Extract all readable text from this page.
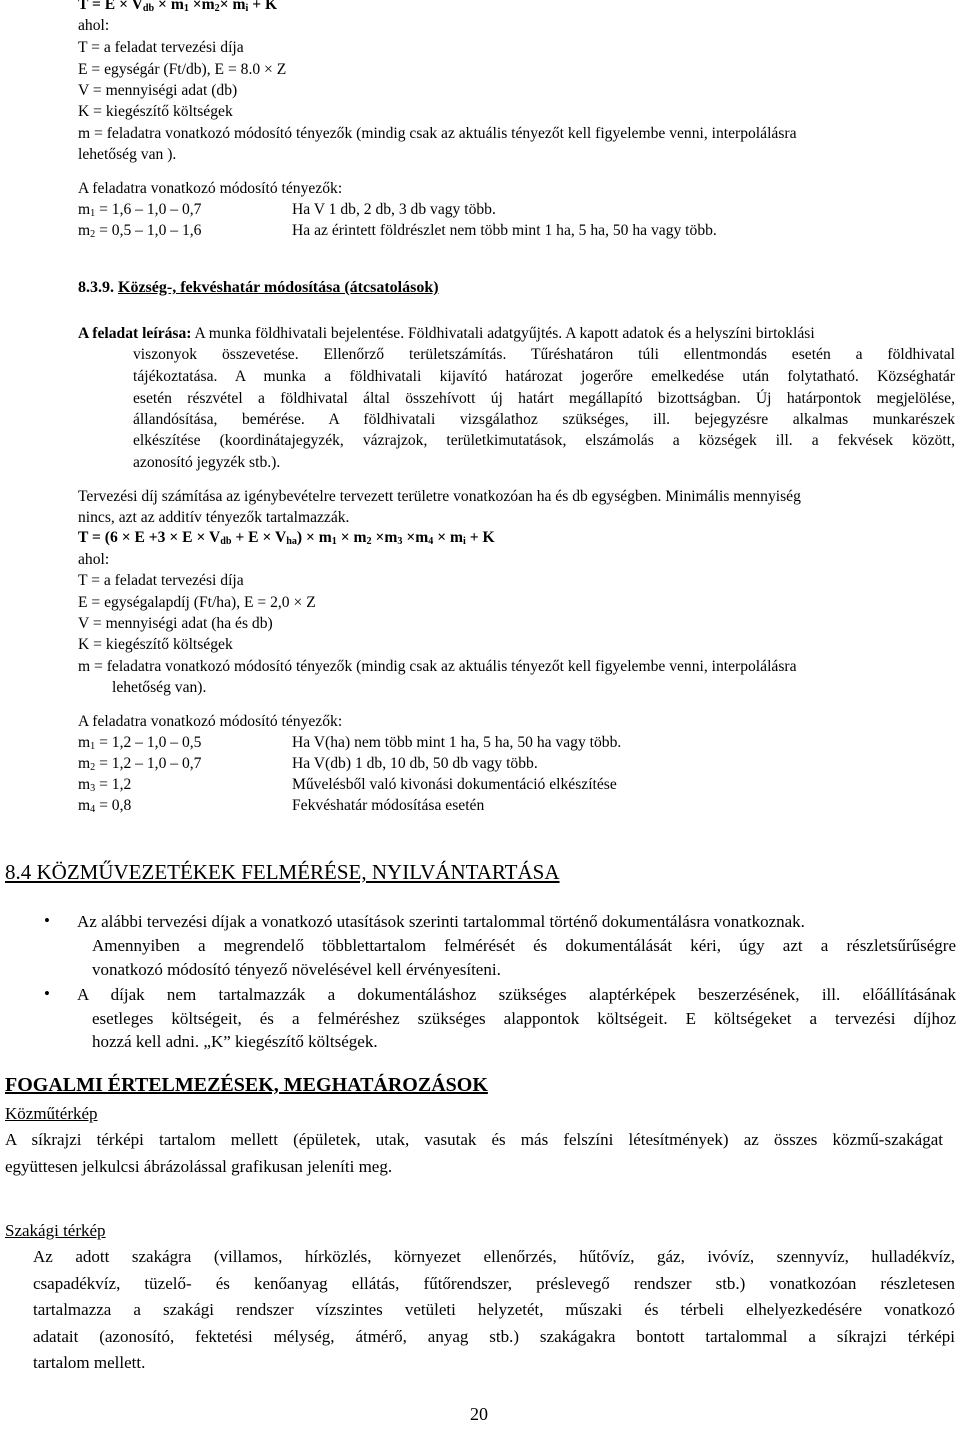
$T = E \times V_{db} \times m_1 \times m_2\times m_i + K$
ahol:
T = a feladat tervezési díja
E = egységár (Ft/db), E = 8.0 × Z
V = mennyiségi adat (db)
K = kiegészítő költségek
m = feladatra vonatkozó módosító tényezők (mindig csak az aktuális tényezőt kell figyelembe venni, interpolálásra
lehetőség van ).
A feladatra vonatkozó módosító tényezők:
$m_1 = 1,6 - 1,0 - 0,7$	Ha V 1 db, 2 db, 3 db vagy több.
$m_2 = 0,5 - 1,0 - 1,6$	Ha az érintett földrészlet nem több mint 1 ha, 5 ha, 50 ha vagy több.
8.3.9. Község-, fekvéshatár módosítása (átcsatolások)
A feladat leírása: A munka földhivatali bejelentése. Földhivatali adatgyűjtés. A kapott adatok és a helyszíni birtoklási
viszonyok összevetése. Ellenőrző területszámítás. Tűréshatáron túli ellentmondás esetén a földhivatal
tájékoztatása. A munka a földhivatali kijavító határozat jogerőre emelkedése után folytatható. Községhatár
esetén részvétel a földhivatal által összehívott új határt megállapító bizottságban. Új határpontok megjelölése,
állandósítása, bemérése. A földhivatali vizsgálathoz szükséges, ill. bejegyzésre alkalmas munkarészek
elkészítése (koordinátajegyzék, vázrajzok, területkimutatások, elszámolás a községek ill. a fekvések között,
azonosító jegyzék stb.).
Tervezési díj számítása az igénybevételre tervezett területre vonatkozóan ha és db egységben. Minimális mennyiség
nincs, azt az additív tényezők tartalmazzák.
$T = (6 \times E +3 \times E \times V_{db} + E \times V_{ha}) \times m_1 \times m_2 \times m_3 \times m_4 \times m_i + K$
ahol:
T = a feladat tervezési díja
E = egységalapdíj (Ft/ha), E = 2,0 × Z
V = mennyiségi adat (ha és db)
K = kiegészítő költségek
m = feladatra vonatkozó módosító tényezők (mindig csak az aktuális tényezőt kell figyelembe venni, interpolálásra
lehetőség van).
A feladatra vonatkozó módosító tényezők:
$m_1 = 1,2 - 1,0 - 0,5$	Ha V(ha) nem több mint 1 ha, 5 ha, 50 ha vagy több.
$m_2 = 1,2 - 1,0 - 0,7$	Ha V(db) 1 db, 10 db, 50 db vagy több.
$m_3 = 1,2$	Művelésből való kivonási dokumentáció elkészítése
$m_4 = 0,8$	Fekvéshatár módosítása esetén
8.4 KÖZMŰVEZETÉKEK FELMÉRÉSE, NYILVÁNTARTÁSA
• Az alábbi tervezési díjak a vonatkozó utasítások szerinti tartalommal történő dokumentálásra vonatkoznak.
Amennyiben a megrendelő többlettartalom felmérését és dokumentálását kéri, úgy azt a részletsűrűségre
vonatkozó módosító tényező növelésével kell érvényesíteni.
• A díjak nem tartalmazzák a dokumentáláshoz szükséges alaptérképek beszerzésének, ill. előállításának
esetleges költségeit, és a felméréshez szükséges alappontok költségeit. E költségeket a tervezési díjhoz
hozzá kell adni. „K” kiegészítő költségek.
FOGALMI ÉRTELMEZÉSEK, MEGHATÁROZÁSOK
Közműtérkép
A síkrajzi térképi tartalom mellett (épületek, utak, vasutak és más felszíni létesítmények) az összes közmű-szakágat
együttesen jelkulcsi ábrázolással grafikusan jeleníti meg.
Szakági térkép
Az adott szakágra (villamos, hírközlés, környezet ellenőrzés, hűtővíz, gáz, ivóvíz, szennyvíz, hulladékvíz,
csapadékvíz, tüzelő- és kenőanyag ellátás, fűtőrendszer, préslevegő rendszer stb.) vonatkozóan részletesen
tartalmazza a szakági rendszer vízszintes vetületi helyzetét, műszaki és térbeli elhelyezkedésére vonatkozó
adatait (azonosító, fektetési mélység, átmérő, anyag stb.) szakágakra bontott tartalommal a síkrajzi térképi
tartalom mellett.
20
